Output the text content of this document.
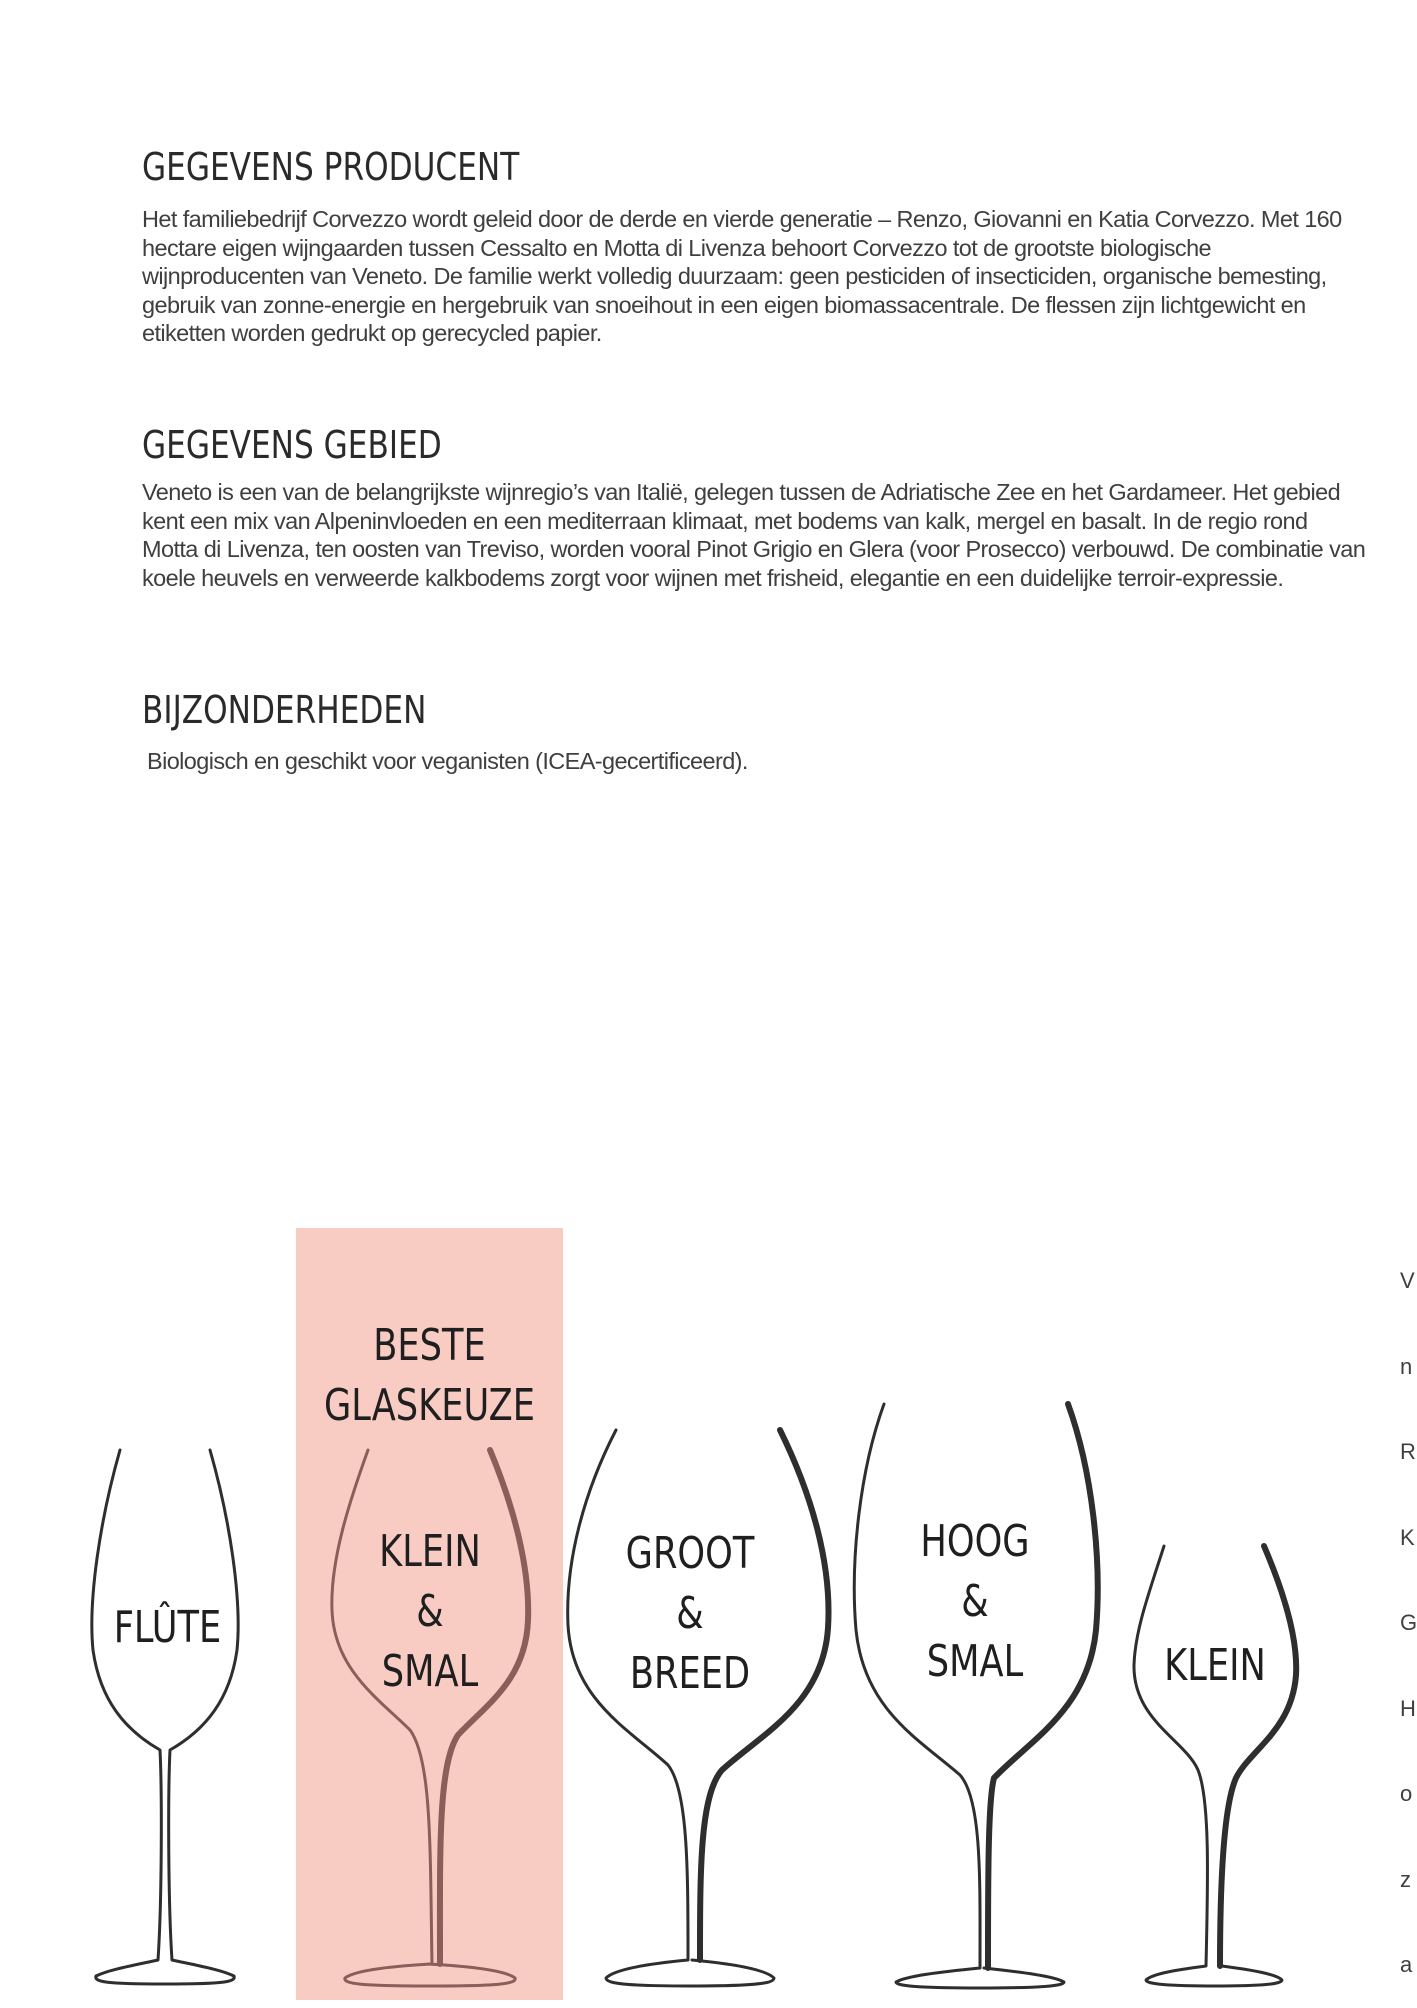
GEGEVENS PRODUCENT

Het familiebedrijf Corvezzo wordt geleid door de derde en vierde generatie – Renzo, Giovanni en Katia Corvezzo. Met 160 hectare eigen wijngaarden tussen Cessalto en Motta di Livenza behoort Corvezzo tot de grootste biologische wijnproducenten van Veneto. De familie werkt volledig duurzaam: geen pesticiden of insecticiden, organische bemesting, gebruik van zonne-energie en hergebruik van snoeihout in een eigen biomassacentrale. De flessen zijn lichtgewicht en etiketten worden gedrukt op gerecycled papier.

GEGEVENS GEBIED

Veneto is een van de belangrijkste wijnregio’s van Italië, gelegen tussen de Adriatische Zee en het Gardameer. Het gebied kent een mix van Alpeninvloeden en een mediterraan klimaat, met bodems van kalk, mergel en basalt. In de regio rond Motta di Livenza, ten oosten van Treviso, worden vooral Pinot Grigio en Glera (voor Prosecco) verbouwd. De combinatie van koele heuvels en verweerde kalkbodems zorgt voor wijnen met frisheid, elegantie en een duidelijke terroir-expressie.

BIJZONDERHEDEN

Biologisch en geschikt voor veganisten (ICEA-gecertificeerd).

V

n

R

K

G

H

o

z

a

BESTE
GLASKEUZE
FLÛTE
KLEIN
&
SMAL
GROOT
&
BREED
HOOG
&
SMAL	KLEIN
